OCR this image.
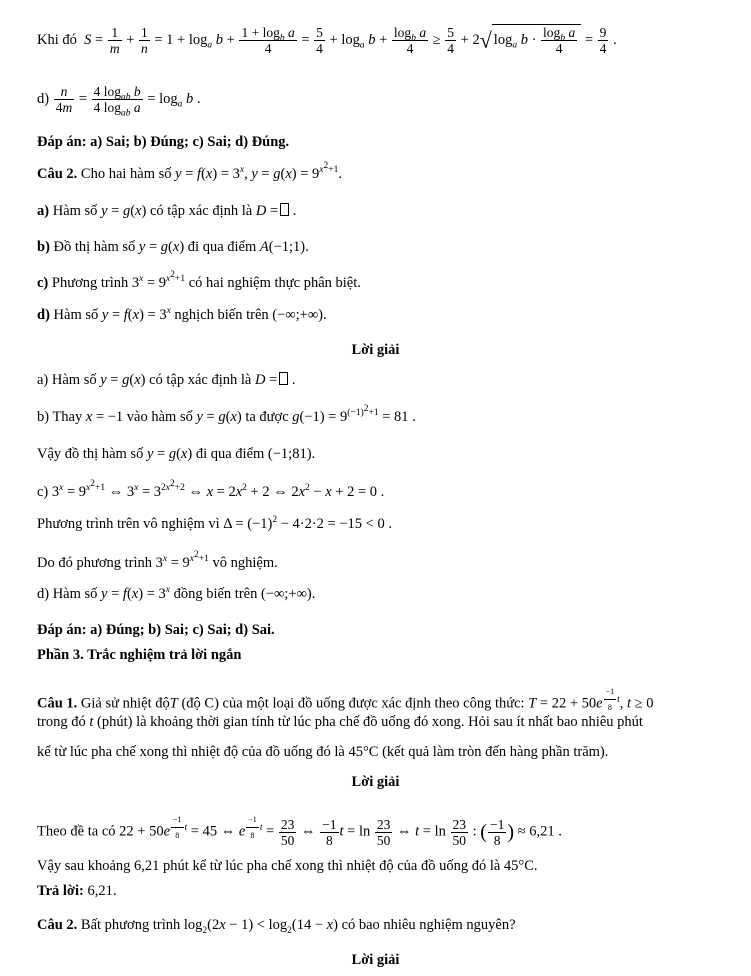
Khi đó $S = \frac{1}{m} + \frac{1}{n} = 1 + \log_a b + \frac{1 + \log_b a}{4} = \frac{5}{4} + \log_a b + \frac{\log_b a}{4} \ge \frac{5}{4} + 2√$ $\log_a b \cdot \frac{\log_b a}{4} = \frac{9}{4}$ .
$d) \frac{n}{4m} = \frac{4 \log_{ab} b}{4 \log_{ab} a} = \log_a b$ .
Đáp án: a) Sai; b) Đúng; c) Sai; d) Đúng.
Câu 2. Cho hai hàm số $y = f(x) = 3^x$, $y = g(x) = 9^{x^2+1}$.
a) Hàm số y = g(x) có tập xác định là D = .
b) Đồ thị hàm số y = g(x) đi qua điểm A(−1;1).
c) Phương trình $3^x = 9^{x^2+1}$ có hai nghiệm thực phân biệt.
d) Hàm số $y = f(x) = 3^x$ nghịch biến trên (−∞;+∞).
Lời giải
a) Hàm số y = g(x) có tập xác định là D = .
b) Thay x = −1 vào hàm số y = g(x) ta được $g(-1) = 9^{(-1)^2+1} = 81$ .
Vậy đồ thị hàm số y = g(x) đi qua điểm (−1;81).
c) $3^x = 9^{x^2+1}$ ⇔ $3^x = 3^{2x^2+2}$ ⇔ $x = 2x^2 + 2$ ⇔ $2x^2 - x + 2 = 0$ .
Phương trình trên vô nghiệm vì $\Delta = (-1)^2 - 4\cdot 2\cdot 2 = -15 < 0$ .
Do đó phương trình $3^x = 9^{x^2+1}$ vô nghiệm.
d) Hàm số $y = f(x) = 3^x$ đồng biến trên (−∞;+∞).
Đáp án: a) Đúng; b) Sai; c) Sai; d) Sai.
Phần 3. Trắc nghiệm trả lời ngắn
Câu 1. Giả sử nhiệt độT (độ C) của một loại đồ uống được xác định theo công thức: T = 22 + 50e $^{\frac{-1}{8} t}$, t ≥ 0
trong đó t (phút) là khoảng thời gian tính từ lúc pha chế đồ uống đó xong. Hỏi sau ít nhất bao nhiêu phút
kể từ lúc pha chế xong thì nhiệt độ của đồ uống đó là 45°C (kết quả làm tròn đến hàng phần trăm).
Lời giải
Theo đề ta có 22 + 50e $^{\frac{-1}{8} t}$ = 45 ⇔ e $^{\frac{-1}{8} t} = \frac{23}{50}$ ⇔ $\frac{-1}{8}$ $t = \ln \frac{23}{50}$ ⇔ $t = \ln \frac{23}{50}$ : ( $\frac{-1}{8}$ ) ≈ 6,21 .
Vậy sau khoảng 6,21 phút kể từ lúc pha chế xong thì nhiệt độ của đồ uống đó là 45°C.
Trả lời: 6,21.
Câu 2. Bất phương trình $\log_2(2x - 1) < \log_2(14 - x)$ có bao nhiêu nghiệm nguyên?
Lời giải
